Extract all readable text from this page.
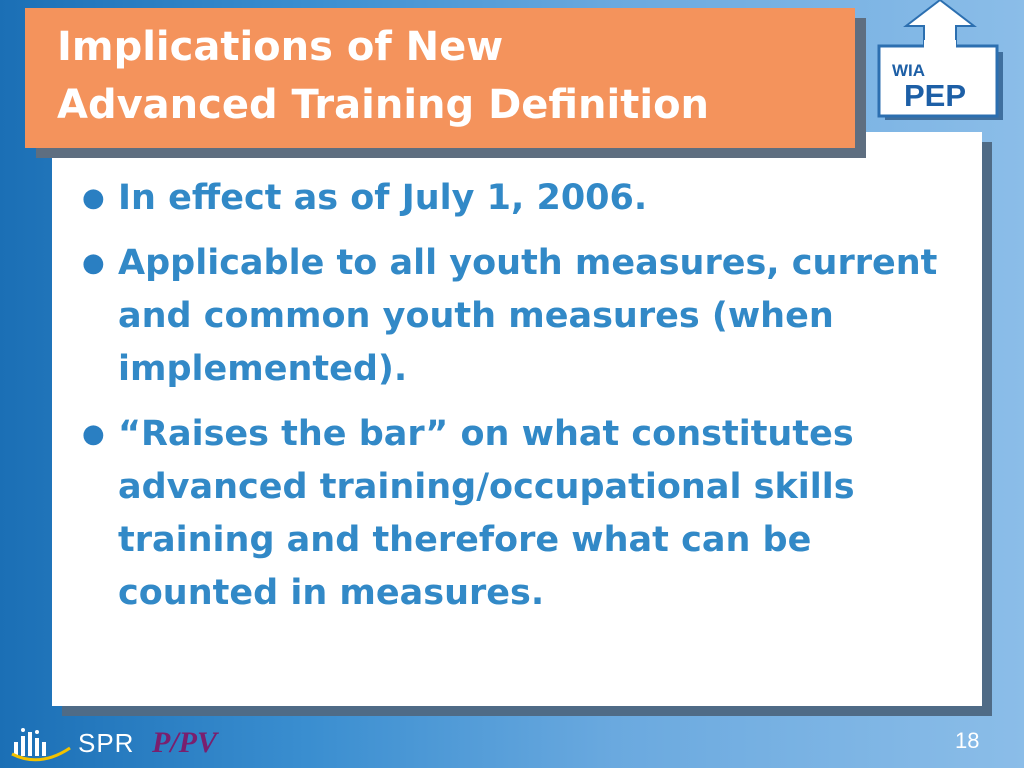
● In effect as of July 1, 2006.
● Applicable to all youth measures, current and common youth measures (when implemented).
● “Raises the bar” on what constitutes advanced training/occupational skills training and therefore what can be counted in measures.
Implications of New
Advanced Training Definition
WIA
PEP
SPR P/PV	18
